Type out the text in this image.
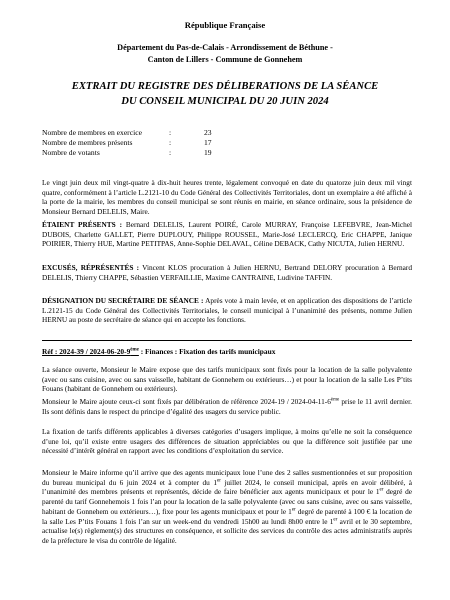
République Française
Département du Pas-de-Calais - Arrondissement de Béthune -
Canton de Lillers - Commune de Gonnehem
EXTRAIT DU REGISTRE DES DÉLIBERATIONS DE LA SÉANCE
DU CONSEIL MUNICIPAL DU 20 JUIN 2024
Nombre de membres en exercice	:	23
Nombre de membres présents	:	17
Nombre de votants	:	19

Le vingt juin deux mil vingt-quatre à dix-huit heures trente, légalement convoqué en date du quatorze juin deux mil vingt quatre, conformément à l’article L.2121-10 du Code Général des Collectivités Territoriales, dont un exemplaire a été affiché à la porte de la mairie, les membres du conseil municipal se sont réunis en mairie, en séance ordinaire, sous la présidence de Monsieur Bernard DELELIS, Maire.

ÉTAIENT PRÉSENTS : Bernard DELELIS, Laurent POIRÉ, Carole MURRAY, Françoise LEFEBVRE, Jean-Michel DUBOIS, Charlette GALLET, Pierre DUPLOUY, Philippe ROUSSEL, Marie-José LECLERCQ, Eric CHAPPE, Janique POIRIER, Thierry HUE, Martine PETITPAS, Anne-Sophie DELAVAL, Céline DEBACK, Cathy NICUTA, Julien HERNU.

EXCUSÉS, RÉPRÉSENTÉS : Vincent KLOS procuration à Julien HERNU, Bertrand DELORY procuration à Bernard DELELIS, Thierry CHAPPE, Sébastien VERFAILLIE, Maxime CANTRAINE, Ludivine TAFFIN.

DÉSIGNATION DU SECRÉTAIRE DE SÉANCE : Après vote à main levée, et en application des dispositions de l’article L.2121-15 du Code Général des Collectivités Territoriales, le conseil municipal à l’unanimité des présents, nomme Julien HERNU au poste de secrétaire de séance qui en accepte les fonctions.

Réf : 2024-39 / 2024-06-20-9ème : Finances : Fixation des tarifs municipaux

La séance ouverte, Monsieur le Maire expose que des tarifs municipaux sont fixés pour la location de la salle polyvalente (avec ou sans cuisine, avec ou sans vaisselle, habitant de Gonnehem ou extérieurs…) et pour la location de la salle Les P’tits Fouans (habitant de Gonnehem ou extérieurs).

Monsieur le Maire ajoute ceux-ci sont fixés par délibération de référence 2024-19 / 2024-04-11-6ème prise le 11 avril dernier. Ils sont définis dans le respect du principe d’égalité des usagers du service public.

La fixation de tarifs différents applicables à diverses catégories d’usagers implique, à moins qu’elle ne soit la conséquence d’une loi, qu’il existe entre usagers des différences de situation appréciables ou que la différence soit justifiée par une nécessité d’intérêt général en rapport avec les conditions d’exploitation du service.

Monsieur le Maire informe qu’il arrive que des agents municipaux loue l’une des 2 salles susmentionnées et sur proposition du bureau municipal du 6 juin 2024 et à compter du 1er juillet 2024, le conseil municipal, après en avoir délibéré, à l’unanimité des membres présents et représentés, décide de faire bénéficier aux agents municipaux et pour le 1er degré de parenté du tarif Gonnehemois 1 fois l’an pour la location de la salle polyvalente (avec ou sans cuisine, avec ou sans vaisselle, habitant de Gonnehem ou extérieurs…), fixe pour les agents municipaux et pour le 1er degré de parenté à 100 € la location de la salle Les P’tits Fouans 1 fois l’an sur un week-end du vendredi 15h00 au lundi 8h00 entre le 1er avril et le 30 septembre, actualise le(s) règlement(s) des structures en conséquence, et sollicite des services du contrôle des actes administratifs auprès de la préfecture le visa du contrôle de légalité.
